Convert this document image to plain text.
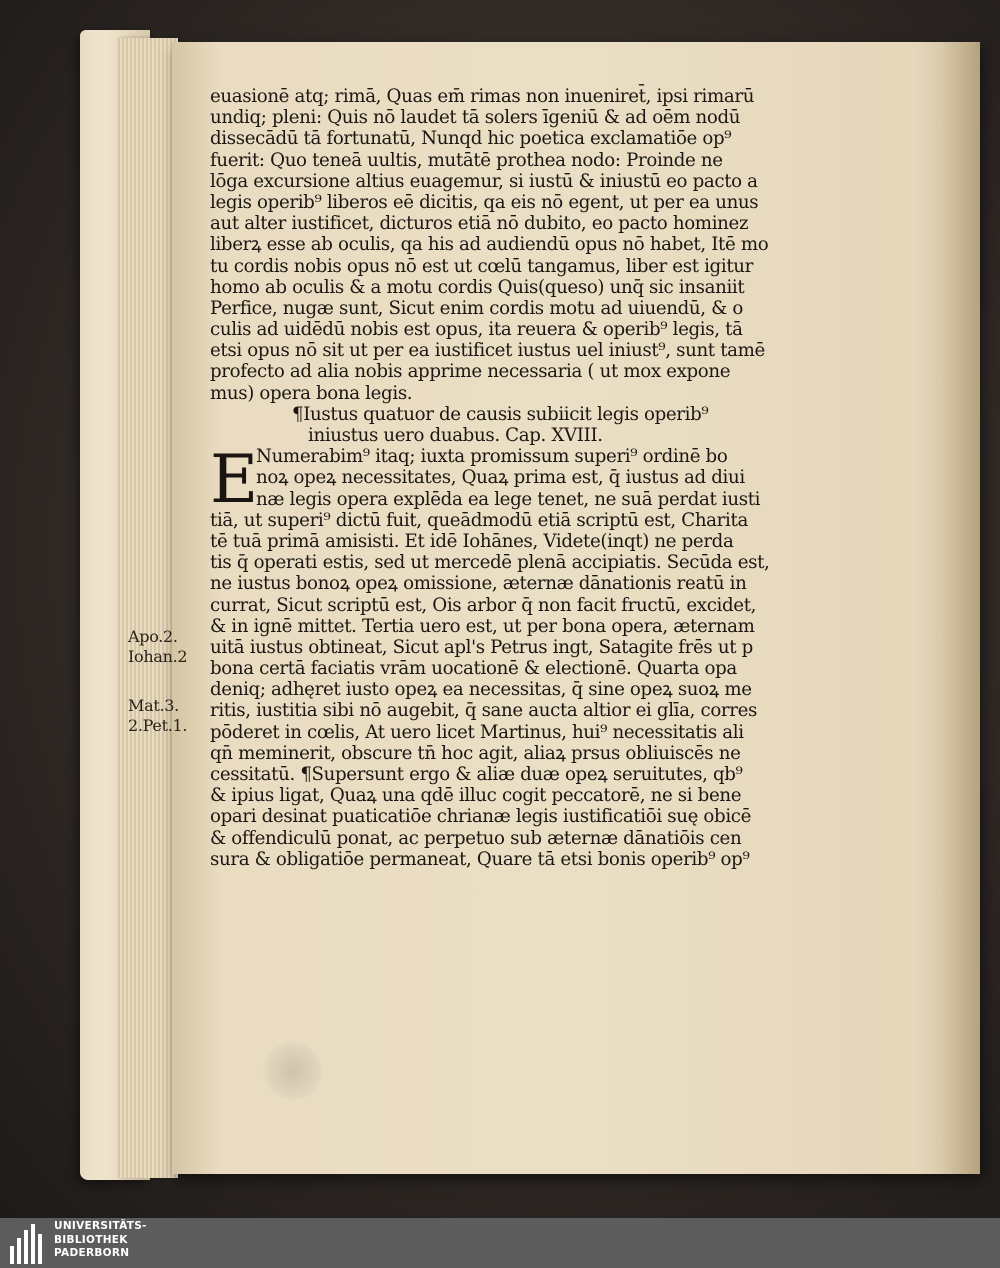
euasionē atq; rimā, Quas em̄ rimas non inueniret̄, ipsi rimarū
undiq; pleni: Quis nō laudet tā solers īgeniū & ad oēm nodū
dissecādū tā fortunatū, Nunqd hic poetica exclamatiōe op⁹
fuerit: Quo teneā uultis, mutātē prothea nodo: Proinde ne
lōga excursione altius euagemur, si iustū & iniustū eo pacto a
legis operib⁹ liberos eē dicitis, qa eis nō egent, ut per ea unus
aut alter iustificet, dicturos etiā nō dubito, eo pacto hominez
liberꝝ esse ab oculis, qa his ad audiendū opus nō habet, Itē mo
tu cordis nobis opus nō est ut cœlū tangamus, liber est igitur
homo ab oculis & a motu cordis Quis(queso) unq̄ sic insaniit
Perfice, nugæ sunt, Sicut enim cordis motu ad uiuendū, & o
culis ad uidēdū nobis est opus, ita reuera & operib⁹ legis, tā
etsi opus nō sit ut per ea iustificet iustus uel iniust⁹, sunt tamē
profecto ad alia nobis apprime necessaria ( ut mox expone
mus) opera bona legis.
¶Iustus quatuor de causis subiicit legis operib⁹
iniustus uero duabus. Cap. XVIII.
E
Numerabim⁹ itaq; iuxta promissum superi⁹ ordinē bo
noꝝ opeꝝ necessitates, Quaꝝ prima est, q̄ iustus ad diui
næ legis opera explēda ea lege tenet, ne suā perdat iusti
tiā, ut superi⁹ dictū fuit, queādmodū etiā scriptū est, Charita
tē tuā primā amisisti. Et idē Iohānes, Videte(inqt) ne perda
tis q̄ operati estis, sed ut mercedē plenā accipiatis. Secūda est,
ne iustus bonoꝝ opeꝝ omissione, æternæ dānationis reatū in
currat, Sicut scriptū est, Ois arbor q̄ non facit fructū, excidet,
& in ignē mittet. Tertia uero est, ut per bona opera, æternam
uitā iustus obtineat, Sicut apl's Petrus ingt, Satagite frēs ut p
bona certā faciatis vrām uocationē & electionē. Quarta opa
deniq; adhęret iusto opeꝝ ea necessitas, q̄ sine opeꝝ suoꝝ me
ritis, iustitia sibi nō augebit, q̄ sane aucta altior ei glīa, corres
pōderet in cœlis, At uero licet Martinus, hui⁹ necessitatis ali
qn̄ meminerit, obscure tn̄ hoc agit, aliaꝝ prsus obliuiscēs ne
cessitatū. ¶Supersunt ergo & aliæ duæ opeꝝ seruitutes, qb⁹
& ipius ligat, Quaꝝ una qdē illuc cogit peccatorē, ne si bene
opari desinat puaticatiōe chrianæ legis iustificatiōi suę obicē
& offendiculū ponat, ac perpetuo sub æternæ dānatiōis cen
sura & obligatiōe permaneat, Quare tā etsi bonis operib⁹ op⁹
Apo.2.
Iohan.2
Mat.3.
2.Pet.1.
UNIVERSITÄTS-
BIBLIOTHEK
PADERBORN
